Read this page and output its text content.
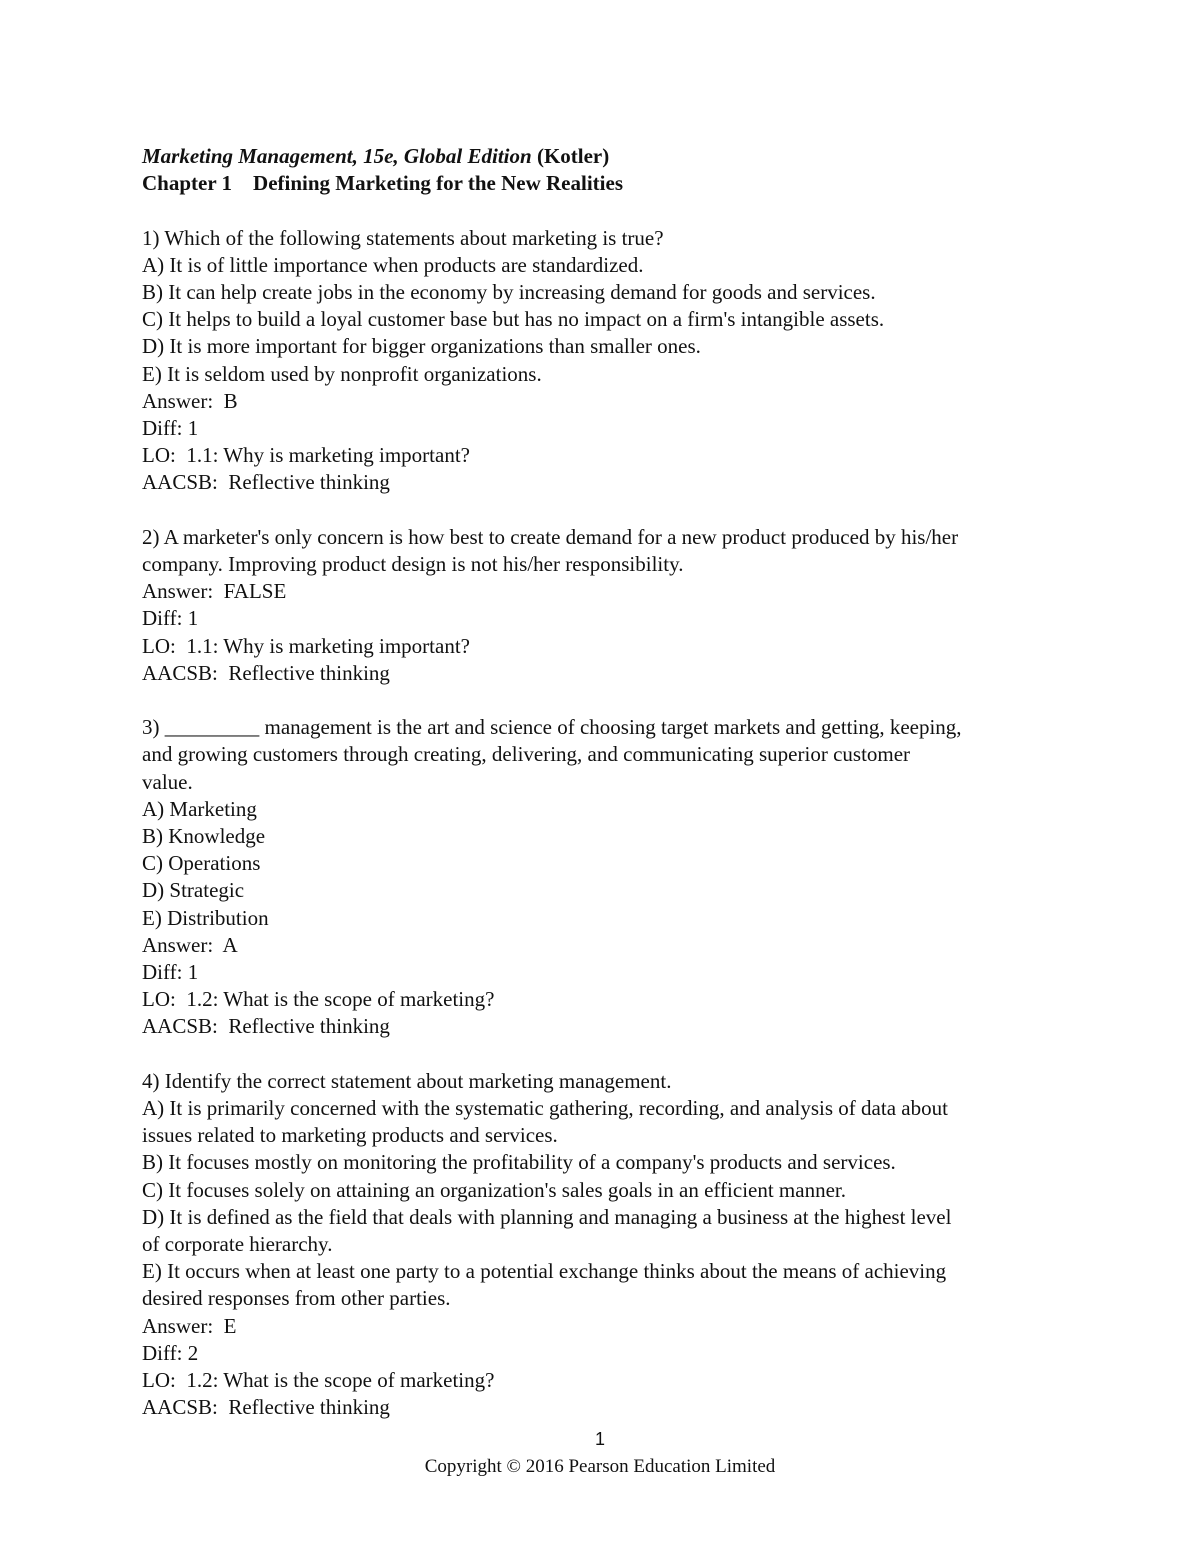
Marketing Management, 15e, Global Edition (Kotler)
Chapter 1    Defining Marketing for the New Realities
1) Which of the following statements about marketing is true?
A) It is of little importance when products are standardized.
B) It can help create jobs in the economy by increasing demand for goods and services.
C) It helps to build a loyal customer base but has no impact on a firm's intangible assets.
D) It is more important for bigger organizations than smaller ones.
E) It is seldom used by nonprofit organizations.
Answer:  B
Diff: 1
LO:  1.1: Why is marketing important?
AACSB:  Reflective thinking
2) A marketer's only concern is how best to create demand for a new product produced by his/her
company. Improving product design is not his/her responsibility.
Answer:  FALSE
Diff: 1
LO:  1.1: Why is marketing important?
AACSB:  Reflective thinking
3) _________ management is the art and science of choosing target markets and getting, keeping,
and growing customers through creating, delivering, and communicating superior customer
value.
A) Marketing
B) Knowledge
C) Operations
D) Strategic
E) Distribution
Answer:  A
Diff: 1
LO:  1.2: What is the scope of marketing?
AACSB:  Reflective thinking
4) Identify the correct statement about marketing management.
A) It is primarily concerned with the systematic gathering, recording, and analysis of data about
issues related to marketing products and services.
B) It focuses mostly on monitoring the profitability of a company's products and services.
C) It focuses solely on attaining an organization's sales goals in an efficient manner.
D) It is defined as the field that deals with planning and managing a business at the highest level
of corporate hierarchy.
E) It occurs when at least one party to a potential exchange thinks about the means of achieving
desired responses from other parties.
Answer:  E
Diff: 2
LO:  1.2: What is the scope of marketing?
AACSB:  Reflective thinking
1
Copyright © 2016 Pearson Education Limited
